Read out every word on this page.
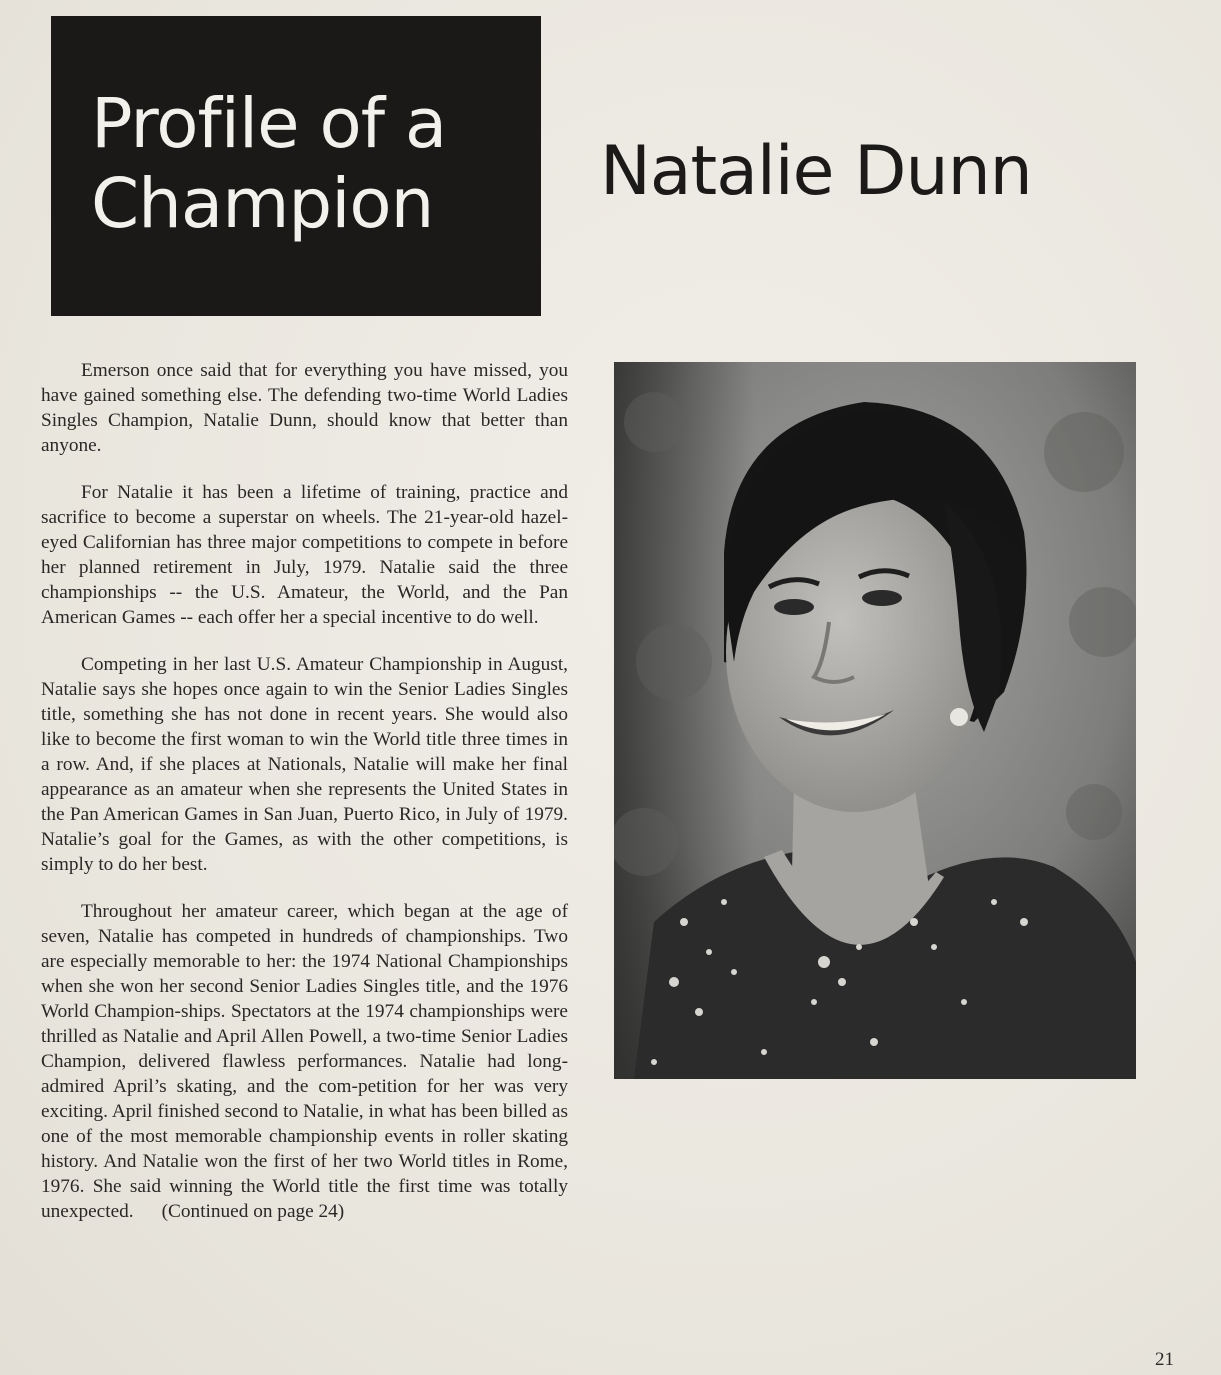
Profile of a
Champion Natalie Dunn

Emerson once said that for everything you have missed, you have gained something else. The defending two-time World Ladies Singles Champion, Natalie Dunn, should know that better than anyone.

For Natalie it has been a lifetime of training, practice and sacrifice to become a superstar on wheels. The 21-year-old hazel-eyed Californian has three major competitions to compete in before her planned retirement in July, 1979. Natalie said the three championships -- the U.S. Amateur, the World, and the Pan American Games -- each offer her a special incentive to do well.

Competing in her last U.S. Amateur Championship in August, Natalie says she hopes once again to win the Senior Ladies Singles title, something she has not done in recent years. She would also like to become the first woman to win the World title three times in a row. And, if she places at Nationals, Natalie will make her final appearance as an amateur when she represents the United States in the Pan American Games in San Juan, Puerto Rico, in July of 1979. Natalie’s goal for the Games, as with the other competitions, is simply to do her best.

Throughout her amateur career, which began at the age of seven, Natalie has competed in hundreds of championships. Two are especially memorable to her: the 1974 National Championships when she won her second Senior Ladies Singles title, and the 1976 World Champion-ships. Spectators at the 1974 championships were thrilled as Natalie and April Allen Powell, a two-time Senior Ladies Champion, delivered flawless performances. Natalie had long-admired April’s skating, and the com-petition for her was very exciting. April finished second to Natalie, in what has been billed as one of the most memorable championship events in roller skating history. And Natalie won the first of her two World titles in Rome, 1976. She said winning the World title the first time was totally unexpected. (Continued on page 24)

21
